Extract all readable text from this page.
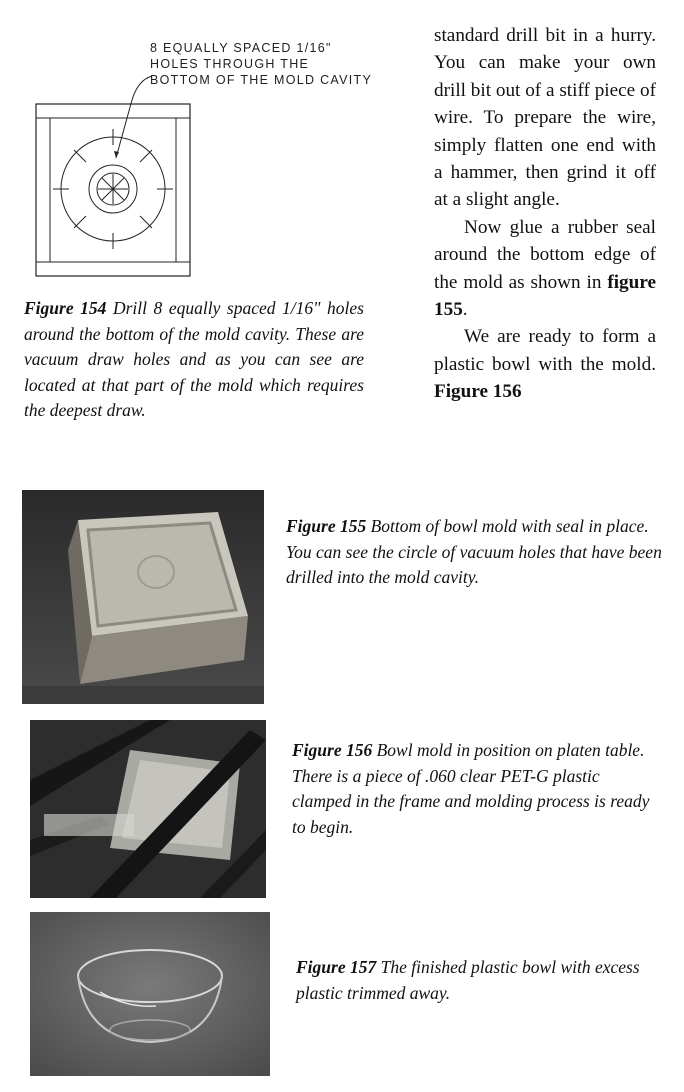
8 EQUALLY SPACED 1/16"
HOLES THROUGH THE
BOTTOM OF THE MOLD CAVITY

standard drill bit in a hurry. You can make your own drill bit out of a stiff piece of wire. To prepare the wire, simply flatten one end with a hammer, then grind it off at a slight angle.

Now glue a rubber seal around the bottom edge of the mold as shown in figure 155.

We are ready to form a plastic bowl with the mold. Figure 156

Figure 154 Drill 8 equally spaced 1/16" holes around the bottom of the mold cavity. These are vacuum draw holes and as you can see are located at that part of the mold which requires the deepest draw.
Figure 155 Bottom of bowl mold with seal in place. You can see the circle of vacuum holes that have been drilled into the mold cavity.
Figure 156 Bowl mold in position on platen table. There is a piece of .060 clear PET-G plastic clamped in the frame and molding process is ready to begin.
Figure 157 The finished plastic bowl with excess plastic trimmed away.
